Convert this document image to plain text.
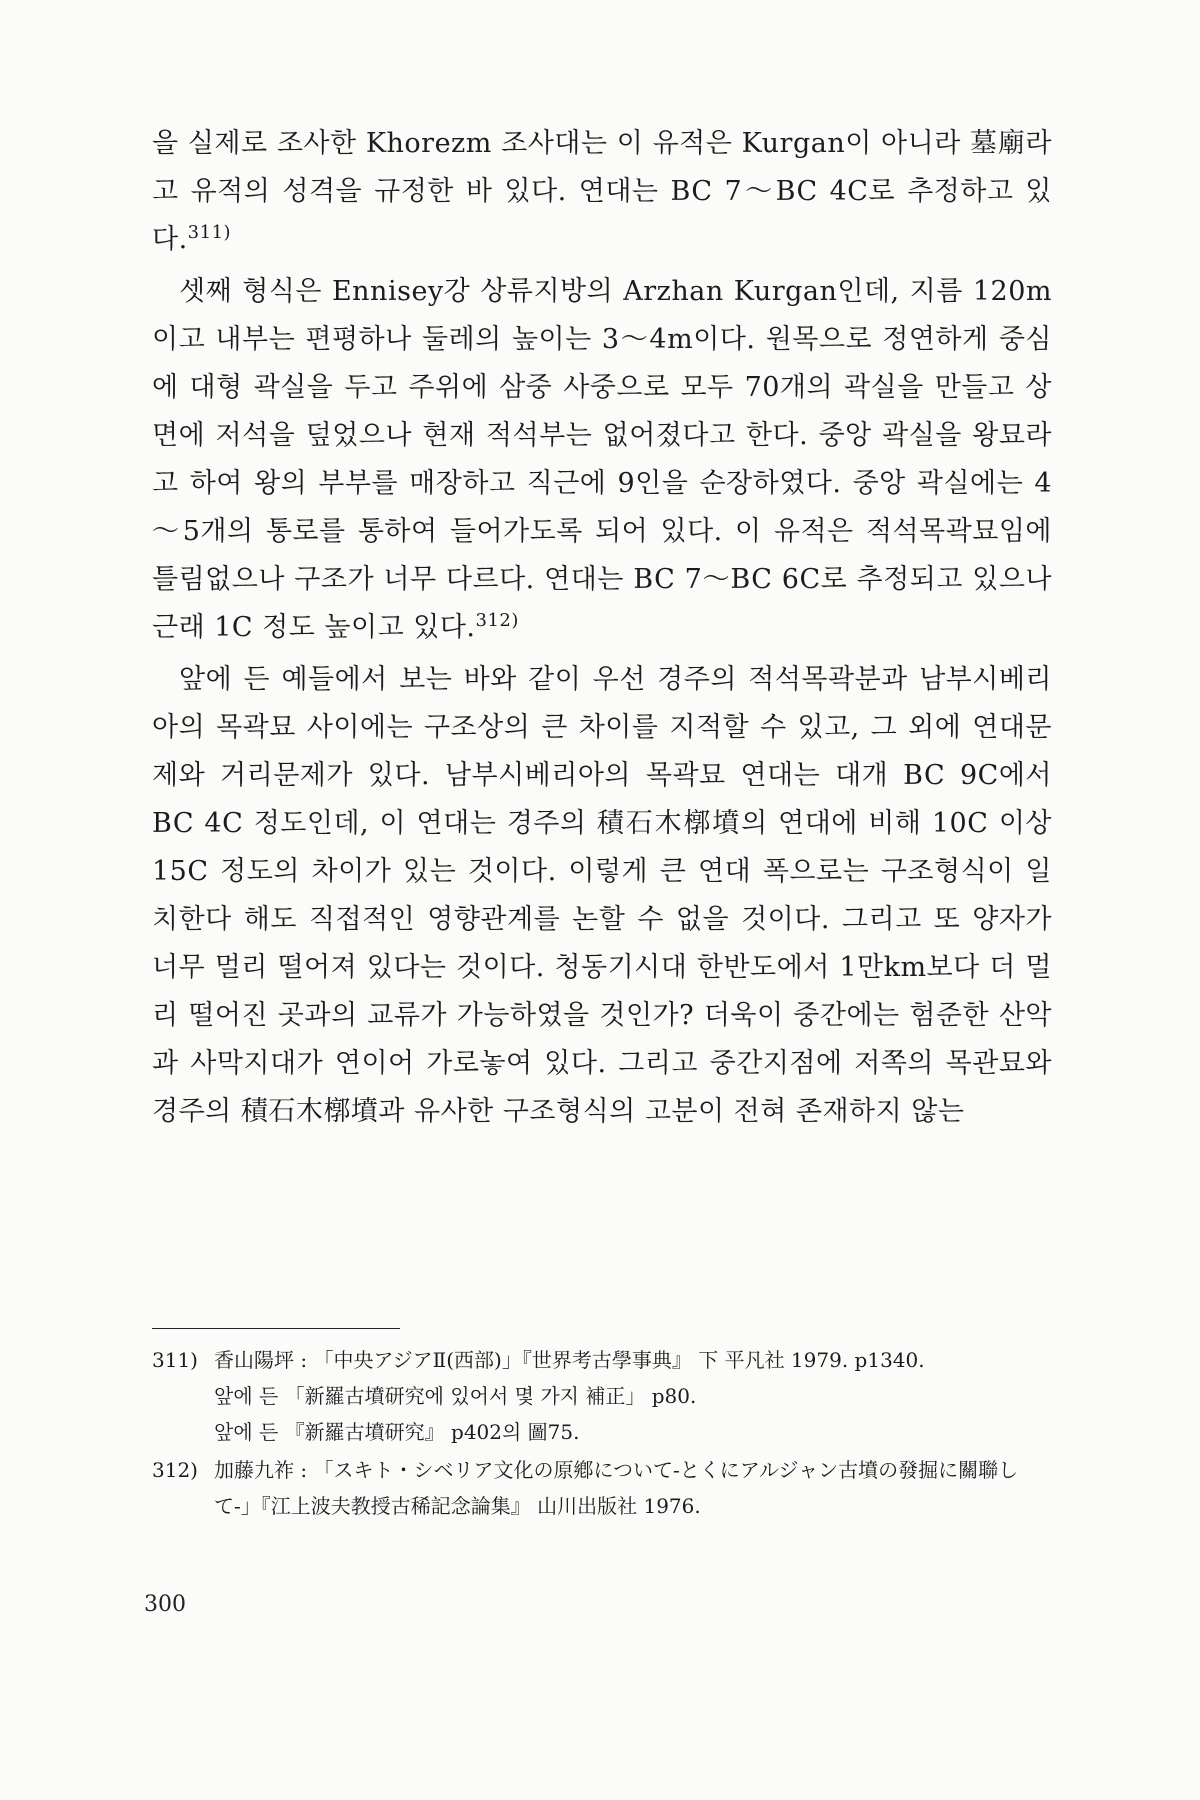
을 실제로 조사한 Khorezm 조사대는 이 유적은 Kurgan이 아니라 墓廟라고 유적의 성격을 규정한 바 있다. 연대는 BC 7～BC 4C로 추정하고 있다.$^{311)}$

셋째 형식은 Ennisey강 상류지방의 Arzhan Kurgan인데, 지름 120m이고 내부는 편평하나 둘레의 높이는 3～4m이다. 원목으로 정연하게 중심에 대형 곽실을 두고 주위에 삼중 사중으로 모두 70개의 곽실을 만들고 상면에 저석을 덮었으나 현재 적석부는 없어졌다고 한다. 중앙 곽실을 왕묘라고 하여 왕의 부부를 매장하고 직근에 9인을 순장하였다. 중앙 곽실에는 4～5개의 통로를 통하여 들어가도록 되어 있다. 이 유적은 적석목곽묘임에 틀림없으나 구조가 너무 다르다. 연대는 BC 7～BC 6C로 추정되고 있으나 근래 1C 정도 높이고 있다.$^{312)}$

앞에 든 예들에서 보는 바와 같이 우선 경주의 적석목곽분과 남부시베리아의 목곽묘 사이에는 구조상의 큰 차이를 지적할 수 있고, 그 외에 연대문제와 거리문제가 있다. 남부시베리아의 목곽묘 연대는 대개 BC 9C에서 BC 4C 정도인데, 이 연대는 경주의 積石木槨墳의 연대에 비해 10C 이상 15C 정도의 차이가 있는 것이다. 이렇게 큰 연대 폭으로는 구조형식이 일치한다 해도 직접적인 영향관계를 논할 수 없을 것이다. 그리고 또 양자가 너무 멀리 떨어져 있다는 것이다. 청동기시대 한반도에서 1만km보다 더 멀리 떨어진 곳과의 교류가 가능하였을 것인가? 더욱이 중간에는 험준한 산악과 사막지대가 연이어 가로놓여 있다. 그리고 중간지점에 저쪽의 목관묘와 경주의 積石木槨墳과 유사한 구조형식의 고분이 전혀 존재하지 않는

311) 香山陽坪 : 「中央アジアⅡ(西部)」『世界考古學事典』 下 平凡社 1979. p1340.
앞에 든 「新羅古墳研究에 있어서 몇 가지 補正」 p80.
앞에 든 『新羅古墳研究』 p402의 圖75.
312) 加藤九祚 : 「スキト・シベリア文化の原鄕について-とくにアルジャン古墳の發掘に關聯して-」『江上波夫教授古稀記念論集』 山川出版社 1976.
300
